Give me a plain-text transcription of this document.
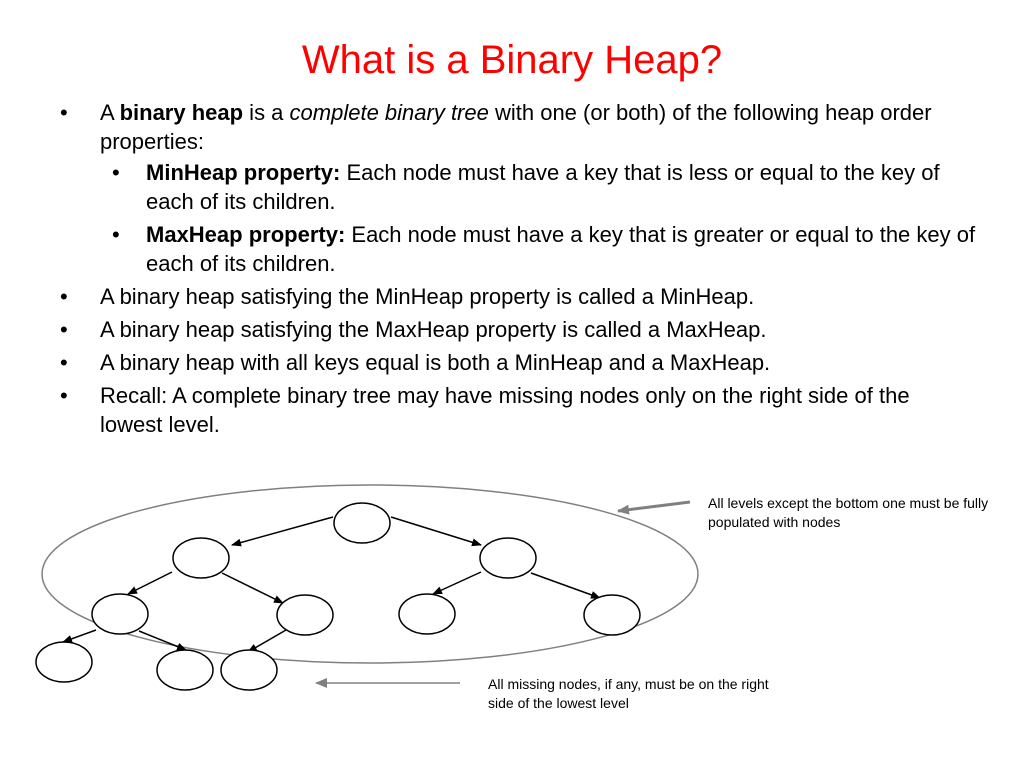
What is a Binary Heap?
• A binary heap is a complete binary tree with one (or both) of the following heap order properties:
• MinHeap property: Each node must have a key that is less or equal to the key of each of its children.
• MaxHeap property: Each node must have a key that is greater or equal to the key of each of its children.
• A binary heap satisfying the MinHeap property is called a MinHeap.
• A binary heap satisfying the MaxHeap property is called a MaxHeap.
• A binary heap with all keys equal is both a MinHeap and a MaxHeap.
• Recall: A complete binary tree may have missing nodes only on the right side of the lowest level.
All levels except the bottom one must be fully populated with nodes
All missing nodes, if any, must be on the right side of the lowest level
